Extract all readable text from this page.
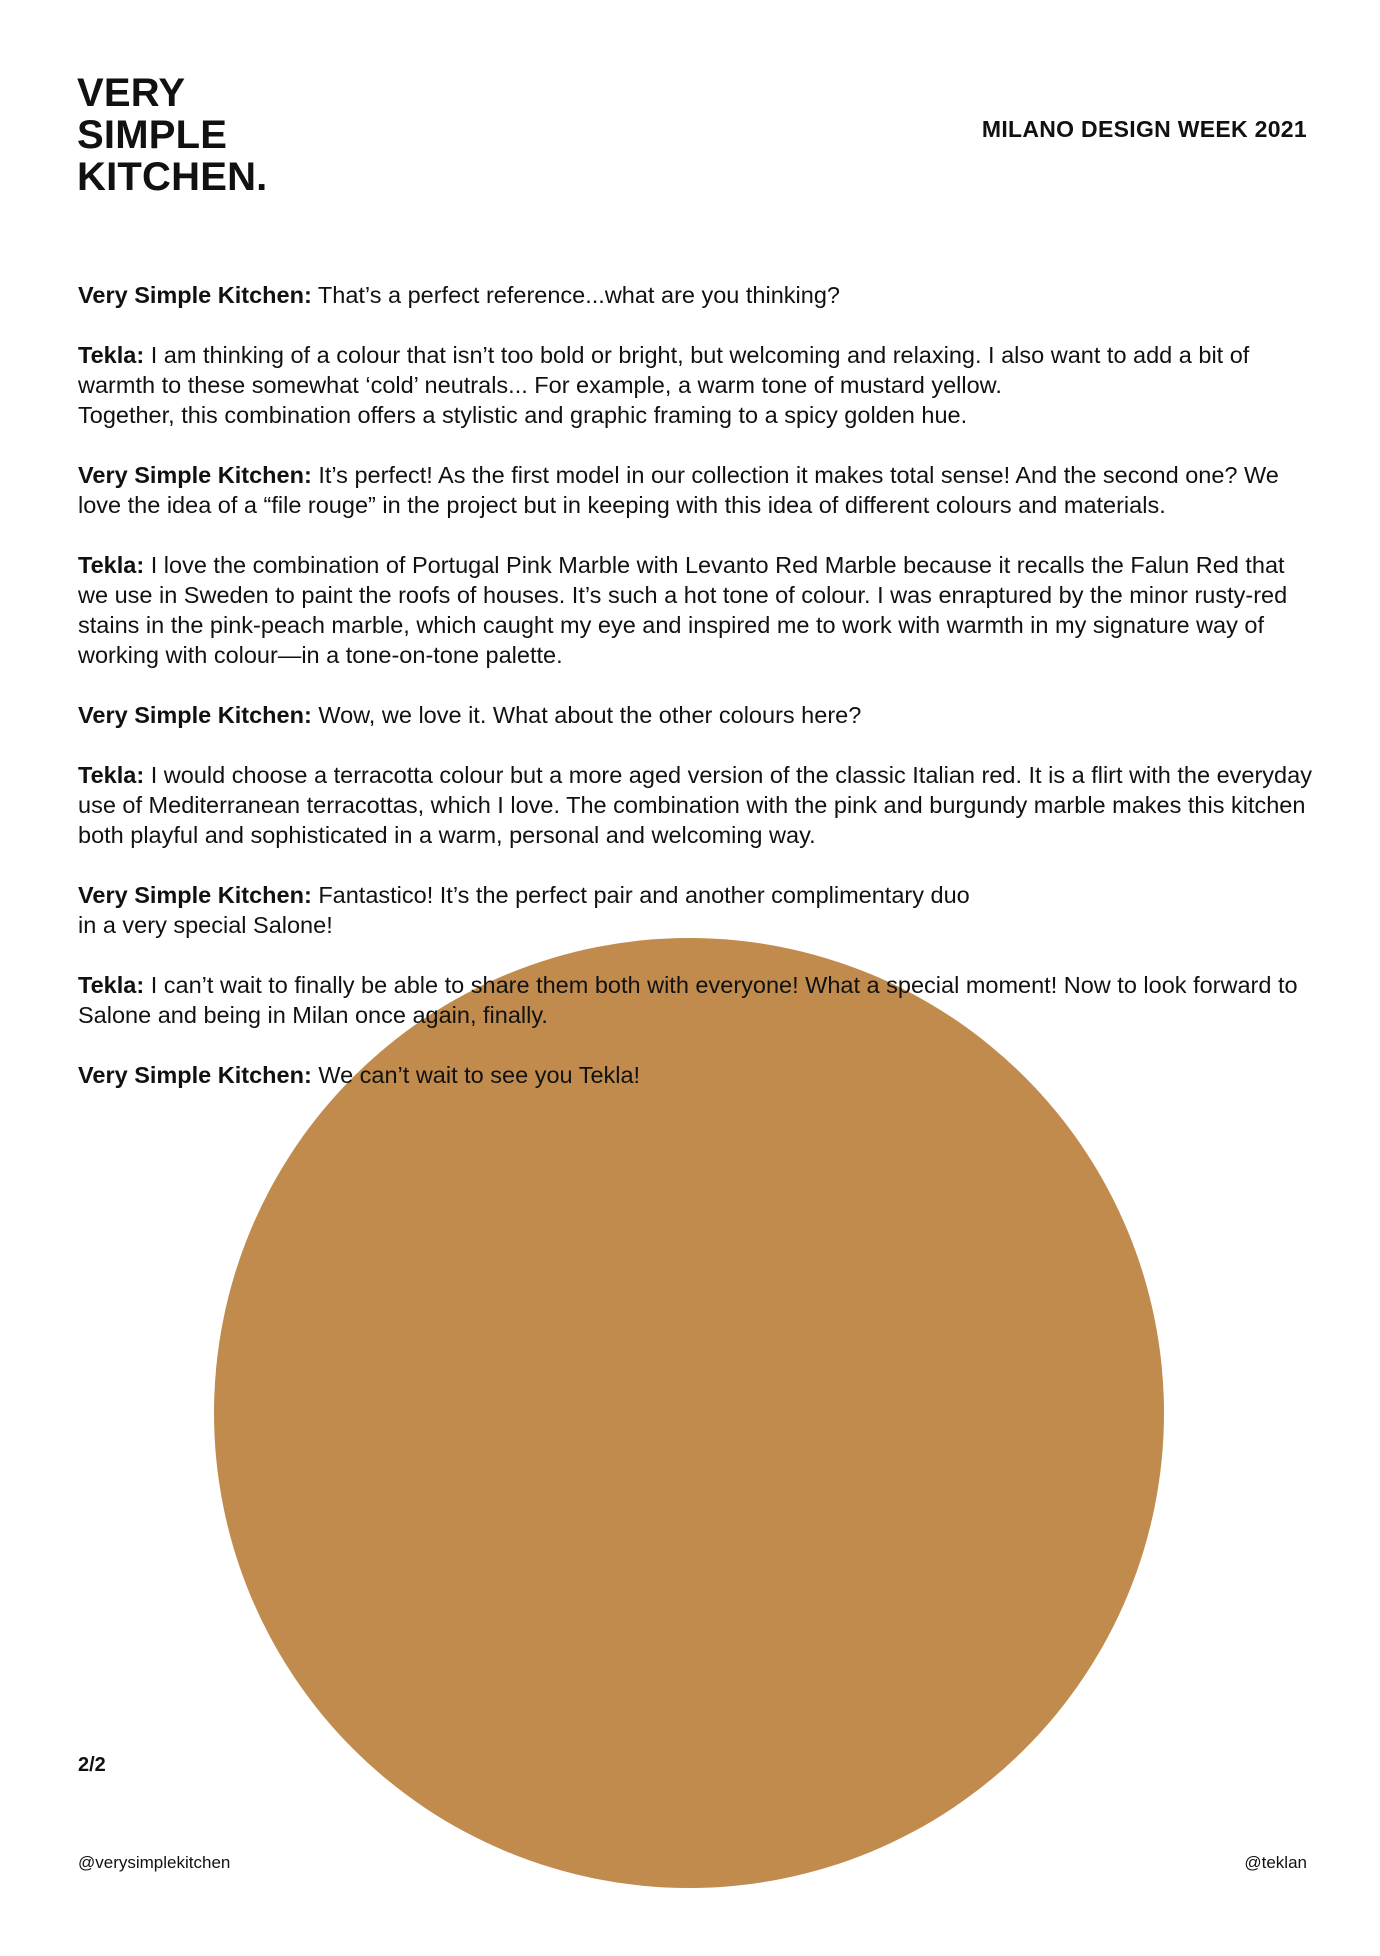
VERY
SIMPLE
KITCHEN.
MILANO DESIGN WEEK 2021

Very Simple Kitchen: That’s a perfect reference...what are you thinking?

Tekla: I am thinking of a colour that isn’t too bold or bright, but welcoming and relaxing. I also want to add a bit of warmth to these somewhat ‘cold’ neutrals... For example, a warm tone of mustard yellow.
Together, this combination offers a stylistic and graphic framing to a spicy golden hue.

Very Simple Kitchen: It’s perfect! As the first model in our collection it makes total sense! And the second one? We love the idea of a “file rouge” in the project but in keeping with this idea of different colours and materials.

Tekla: I love the combination of Portugal Pink Marble with Levanto Red Marble because it recalls the Falun Red that we use in Sweden to paint the roofs of houses. It’s such a hot tone of colour. I was enraptured by the minor rusty-red stains in the pink-peach marble, which caught my eye and inspired me to work with warmth in my signature way of working with colour—in a tone-on-tone palette.

Very Simple Kitchen: Wow, we love it. What about the other colours here?

Tekla: I would choose a terracotta colour but a more aged version of the classic Italian red. It is a flirt with the everyday use of Mediterranean terracottas, which I love. The combination with the pink and burgundy marble makes this kitchen both playful and sophisticated in a warm, personal and welcoming way.

Very Simple Kitchen: Fantastico! It’s the perfect pair and another complimentary duo
in a very special Salone!

Tekla: I can’t wait to finally be able to share them both with everyone! What a special moment! Now to look forward to Salone and being in Milan once again, finally.

Very Simple Kitchen: We can’t wait to see you Tekla!

2/2
@verysimplekitchen	@teklan
